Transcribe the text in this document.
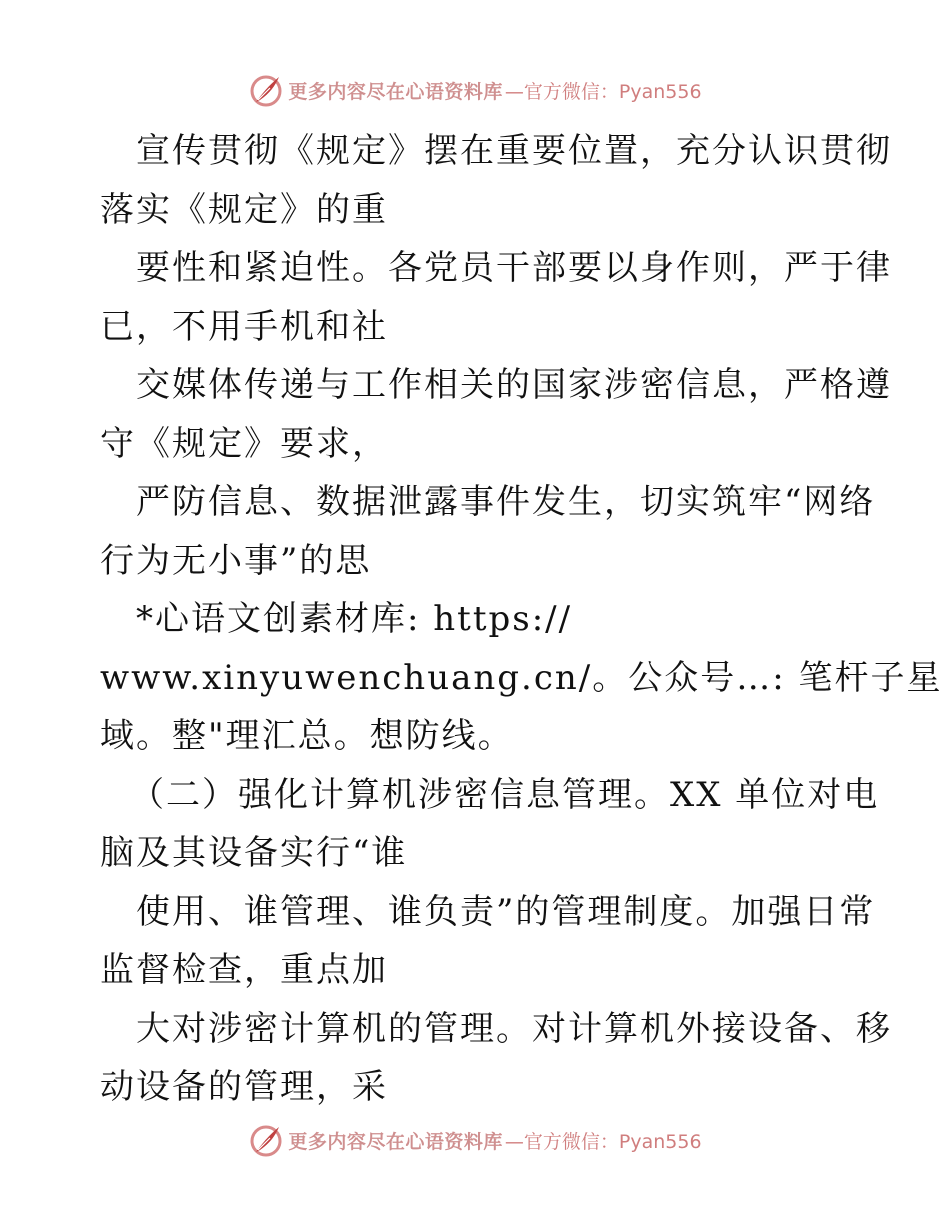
更多内容尽在心语资料库 —官方微信：Pyan556
宣传贯彻《规定》摆在重要位置，充分认识贯彻
落实《规定》的重
要性和紧迫性。各党员干部要以身作则，严于律
已，不用手机和社
交媒体传递与工作相关的国家涉密信息，严格遵
守《规定》要求，
严防信息、数据泄露事件发生，切实筑牢“网络
行为无小事”的思
*心语文创素材库: https://
www.xinyuwenchuang.cn/。公众号…: 笔杆子星
域。整"理汇总。想防线。
（二）强化计算机涉密信息管理。XX 单位对电
脑及其设备实行“谁
使用、谁管理、谁负责”的管理制度。加强日常
监督检查，重点加
大对涉密计算机的管理。对计算机外接设备、移
动设备的管理，采
更多内容尽在心语资料库 —官方微信：Pyan556
